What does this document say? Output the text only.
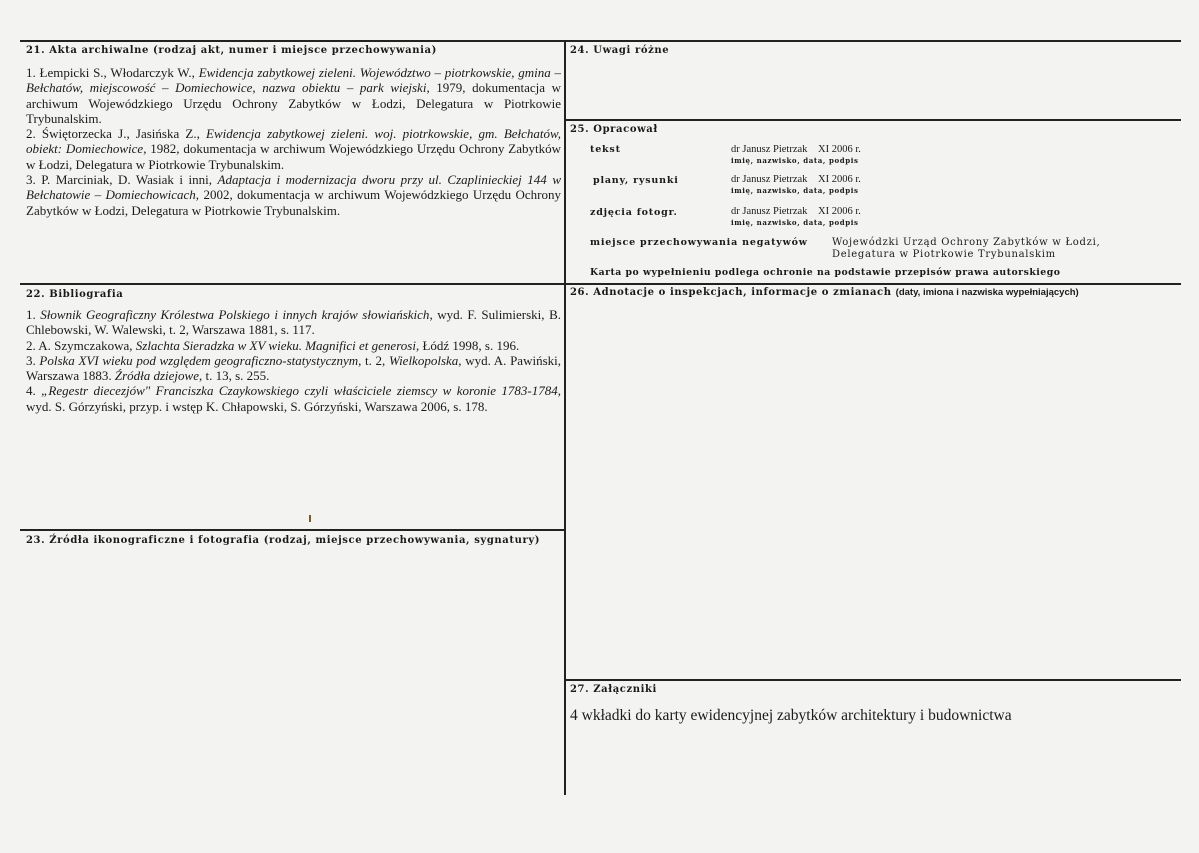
21. Akta archiwalne (rodzaj akt, numer i miejsce przechowywania)

1. Łempicki S., Włodarczyk W., Ewidencja zabytkowej zieleni. Województwo – piotrkowskie, gmina – Bełchatów, miejscowość – Domiechowice, nazwa obiektu – park wiejski, 1979, dokumentacja w archiwum Wojewódzkiego Urzędu Ochrony Zabytków w Łodzi, Delegatura w Piotrkowie Trybunalskim.

2. Świętorzecka J., Jasińska Z., Ewidencja zabytkowej zieleni. woj. piotrkowskie, gm. Bełchatów, obiekt: Domiechowice, 1982, dokumentacja w archiwum Wojewódzkiego Urzędu Ochrony Zabytków w Łodzi, Delegatura w Piotrkowie Trybunalskim.

3. P. Marciniak, D. Wasiak i inni, Adaptacja i modernizacja dworu przy ul. Czaplinieckiej 144 w Bełchatowie – Domiechowicach, 2002, dokumentacja w archiwum Wojewódzkiego Urzędu Ochrony Zabytków w Łodzi, Delegatura w Piotrkowie Trybunalskim.

22. Bibliografia

1. Słownik Geograficzny Królestwa Polskiego i innych krajów słowiańskich, wyd. F. Sulimierski, B. Chlebowski, W. Walewski, t. 2, Warszawa 1881, s. 117.

2. A. Szymczakowa, Szlachta Sieradzka w XV wieku. Magnifici et generosi, Łódź 1998, s. 196.

3. Polska XVI wieku pod względem geograficzno-statystycznym, t. 2, Wielkopolska, wyd. A. Pawiński, Warszawa 1883. Źródła dziejowe, t. 13, s. 255.

4. „Regestr diecezjów" Franciszka Czaykowskiego czyli właściciele ziemscy w koronie 1783-1784, wyd. S. Górzyński, przyp. i wstęp K. Chłapowski, S. Górzyński, Warszawa 2006, s. 178.

23. Źródła ikonograficzne i fotografia (rodzaj, miejsce przechowywania, sygnatury)
24. Uwagi różne
25. Opracował
tekst	dr Janusz Pietrzak XI 2006 r.
imię, nazwisko, data, podpis
plany, rysunki	dr Janusz Pietrzak XI 2006 r.
imię, nazwisko, data, podpis
zdjęcia fotogr.	dr Janusz Pietrzak XI 2006 r.
imię, nazwisko, data, podpis
miejsce przechowywania negatywów Wojewódzki Urząd Ochrony Zabytków w Łodzi,
Delegatura w Piotrkowie Trybunalskim
Karta po wypełnieniu podlega ochronie na podstawie przepisów prawa autorskiego
26. Adnotacje o inspekcjach, informacje o zmianach (daty, imiona i nazwiska wypełniających)
27. Załączniki
4 wkładki do karty ewidencyjnej zabytków architektury i budownictwa
